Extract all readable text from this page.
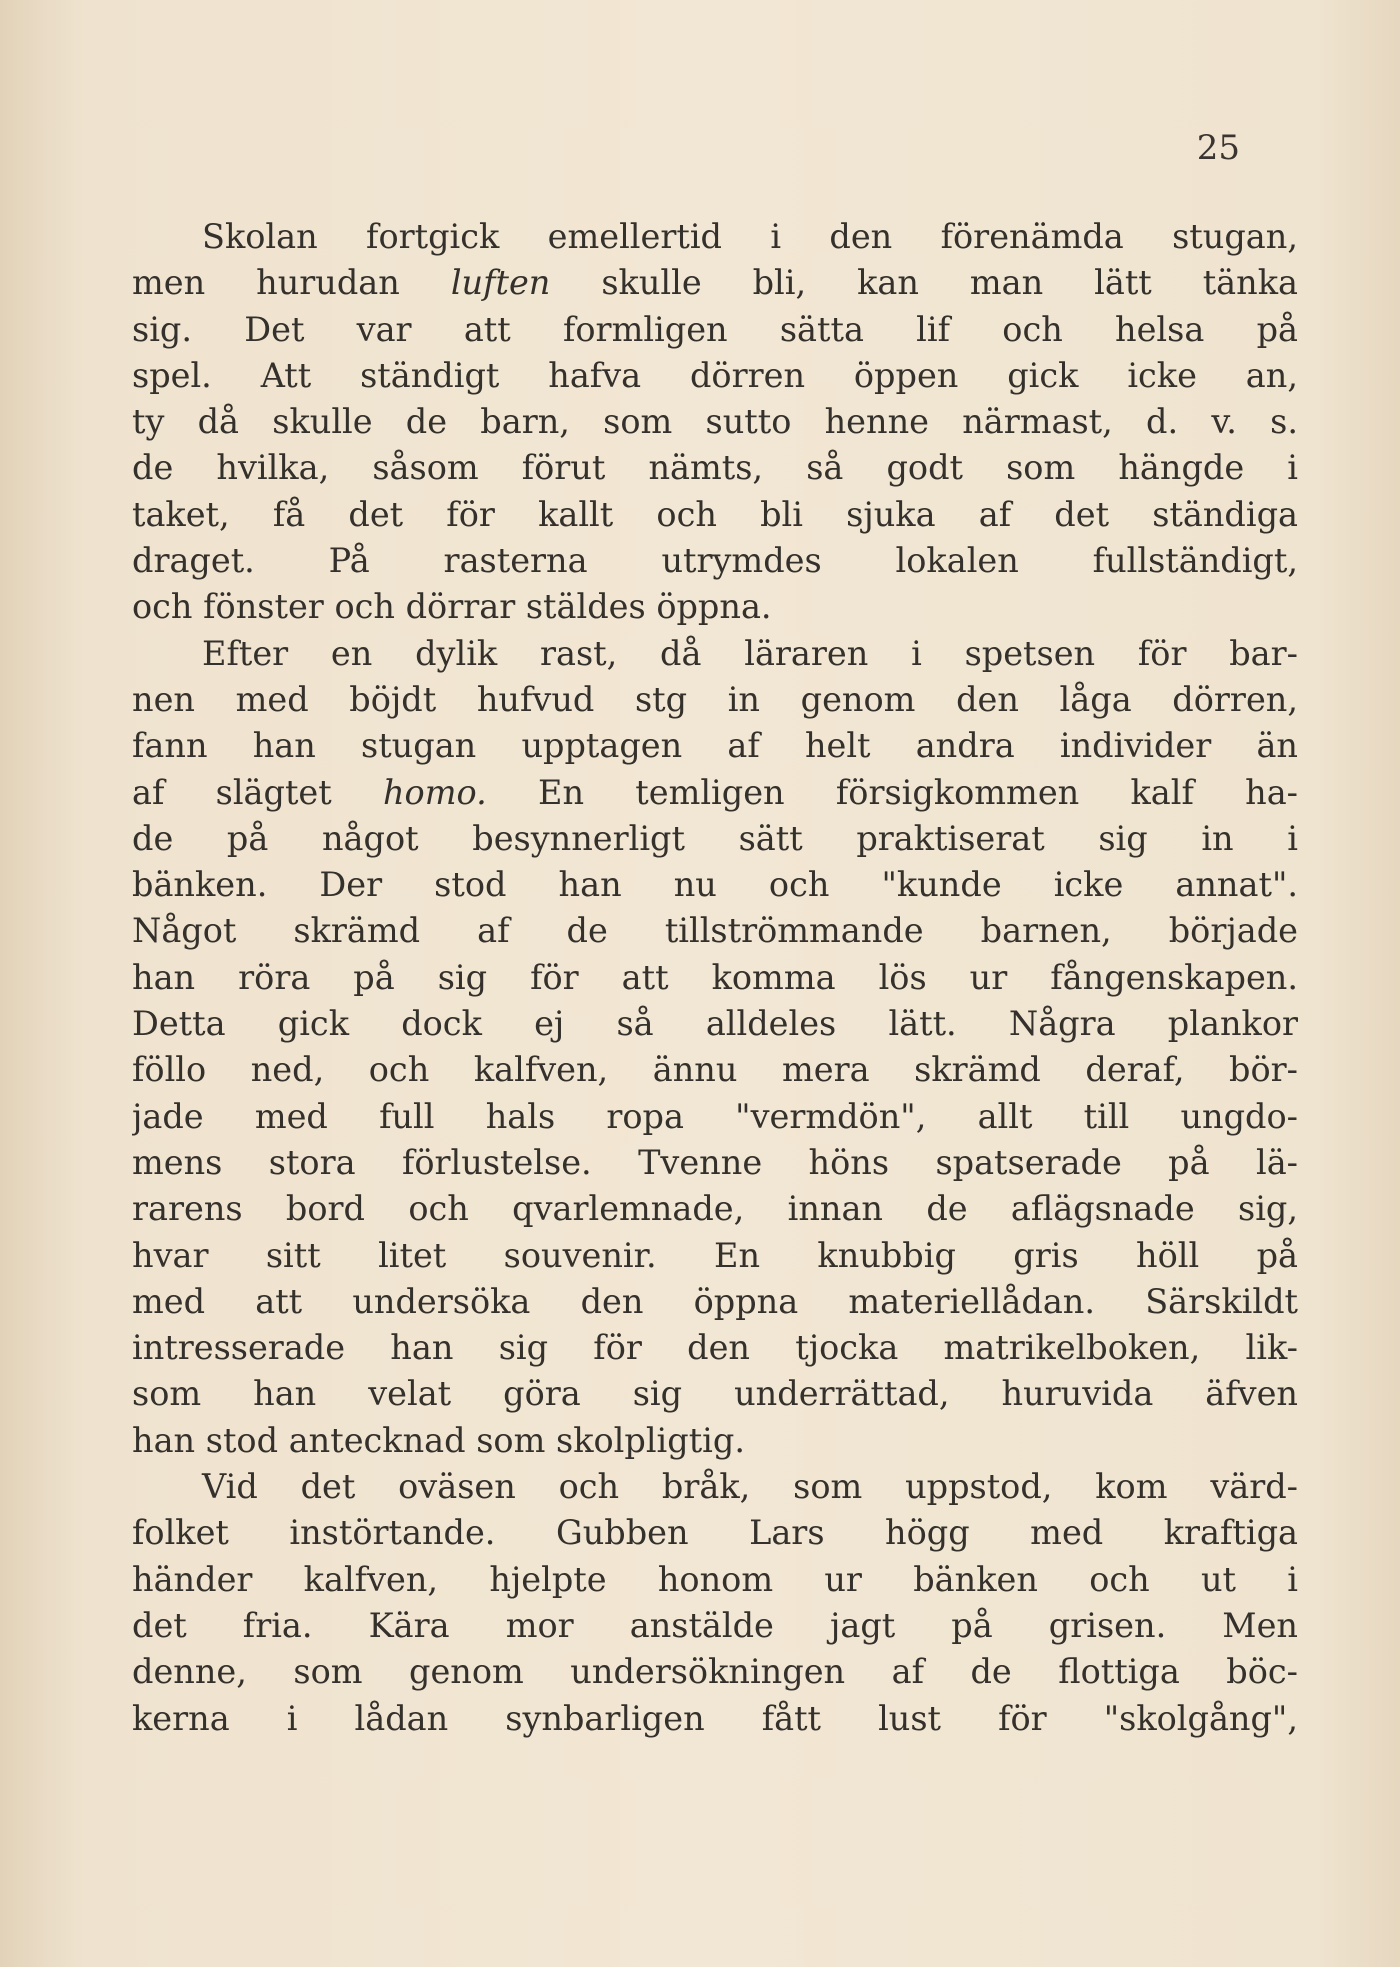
25
Skolan fortgick emellertid i den förenämda stugan,
men hurudan luften skulle bli, kan man lätt tänka
sig. Det var att formligen sätta lif och helsa på
spel. Att ständigt hafva dörren öppen gick icke an,
ty då skulle de barn, som sutto henne närmast, d. v. s.
de hvilka, såsom förut nämts, så godt som hängde i
taket, få det för kallt och bli sjuka af det ständiga
draget. På rasterna utrymdes lokalen fullständigt,
och fönster och dörrar stäldes öppna.
Efter en dylik rast, då läraren i spetsen för bar-
nen med böjdt hufvud stg in genom den låga dörren,
fann han stugan upptagen af helt andra individer än
af slägtet homo. En temligen försigkommen kalf ha-
de på något besynnerligt sätt praktiserat sig in i
bänken. Der stod han nu och "kunde icke annat".
Något skrämd af de tillströmmande barnen, började
han röra på sig för att komma lös ur fångenskapen.
Detta gick dock ej så alldeles lätt. Några plankor
föllo ned, och kalfven, ännu mera skrämd deraf, bör-
jade med full hals ropa "vermdön", allt till ungdo-
mens stora förlustelse. Tvenne höns spatserade på lä-
rarens bord och qvarlemnade, innan de aflägsnade sig,
hvar sitt litet souvenir. En knubbig gris höll på
med att undersöka den öppna materiellådan. Särskildt
intresserade han sig för den tjocka matrikelboken, lik-
som han velat göra sig underrättad, huruvida äfven
han stod antecknad som skolpligtig.
Vid det oväsen och bråk, som uppstod, kom värd-
folket instörtande. Gubben Lars högg med kraftiga
händer kalfven, hjelpte honom ur bänken och ut i
det fria. Kära mor anstälde jagt på grisen. Men
denne, som genom undersökningen af de flottiga böc-
kerna i lådan synbarligen fått lust för "skolgång",
